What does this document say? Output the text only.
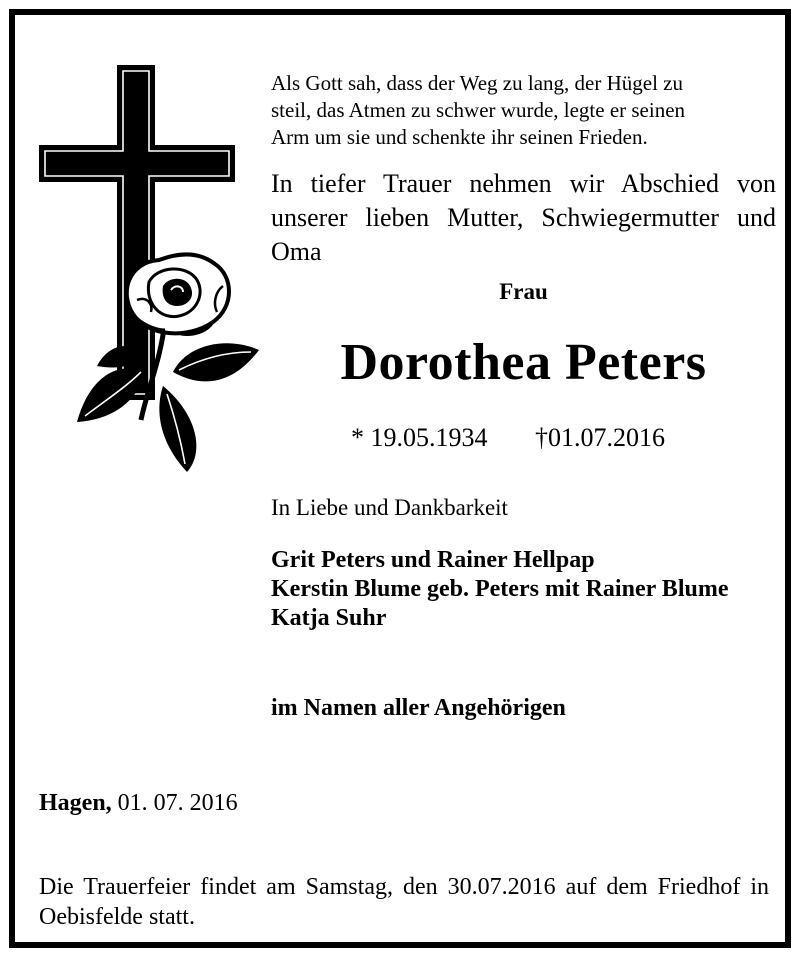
Als Gott sah, dass der Weg zu lang, der Hügel zu
steil, das Atmen zu schwer wurde, legte er seinen
Arm um sie und schenkte ihr seinen Frieden.
In tiefer Trauer nehmen wir Abschied von unserer lieben Mutter, Schwiegermutter und Oma
Frau
Dorothea Peters
* 19.05.1934 †01.07.2016
In Liebe und Dankbarkeit
Grit Peters und Rainer Hellpap
Kerstin Blume geb. Peters mit Rainer Blume
Katja Suhr
im Namen aller Angehörigen
Hagen, 01. 07. 2016
Die Trauerfeier findet am Samstag, den 30.07.2016 auf dem Friedhof in Oebisfelde statt.
